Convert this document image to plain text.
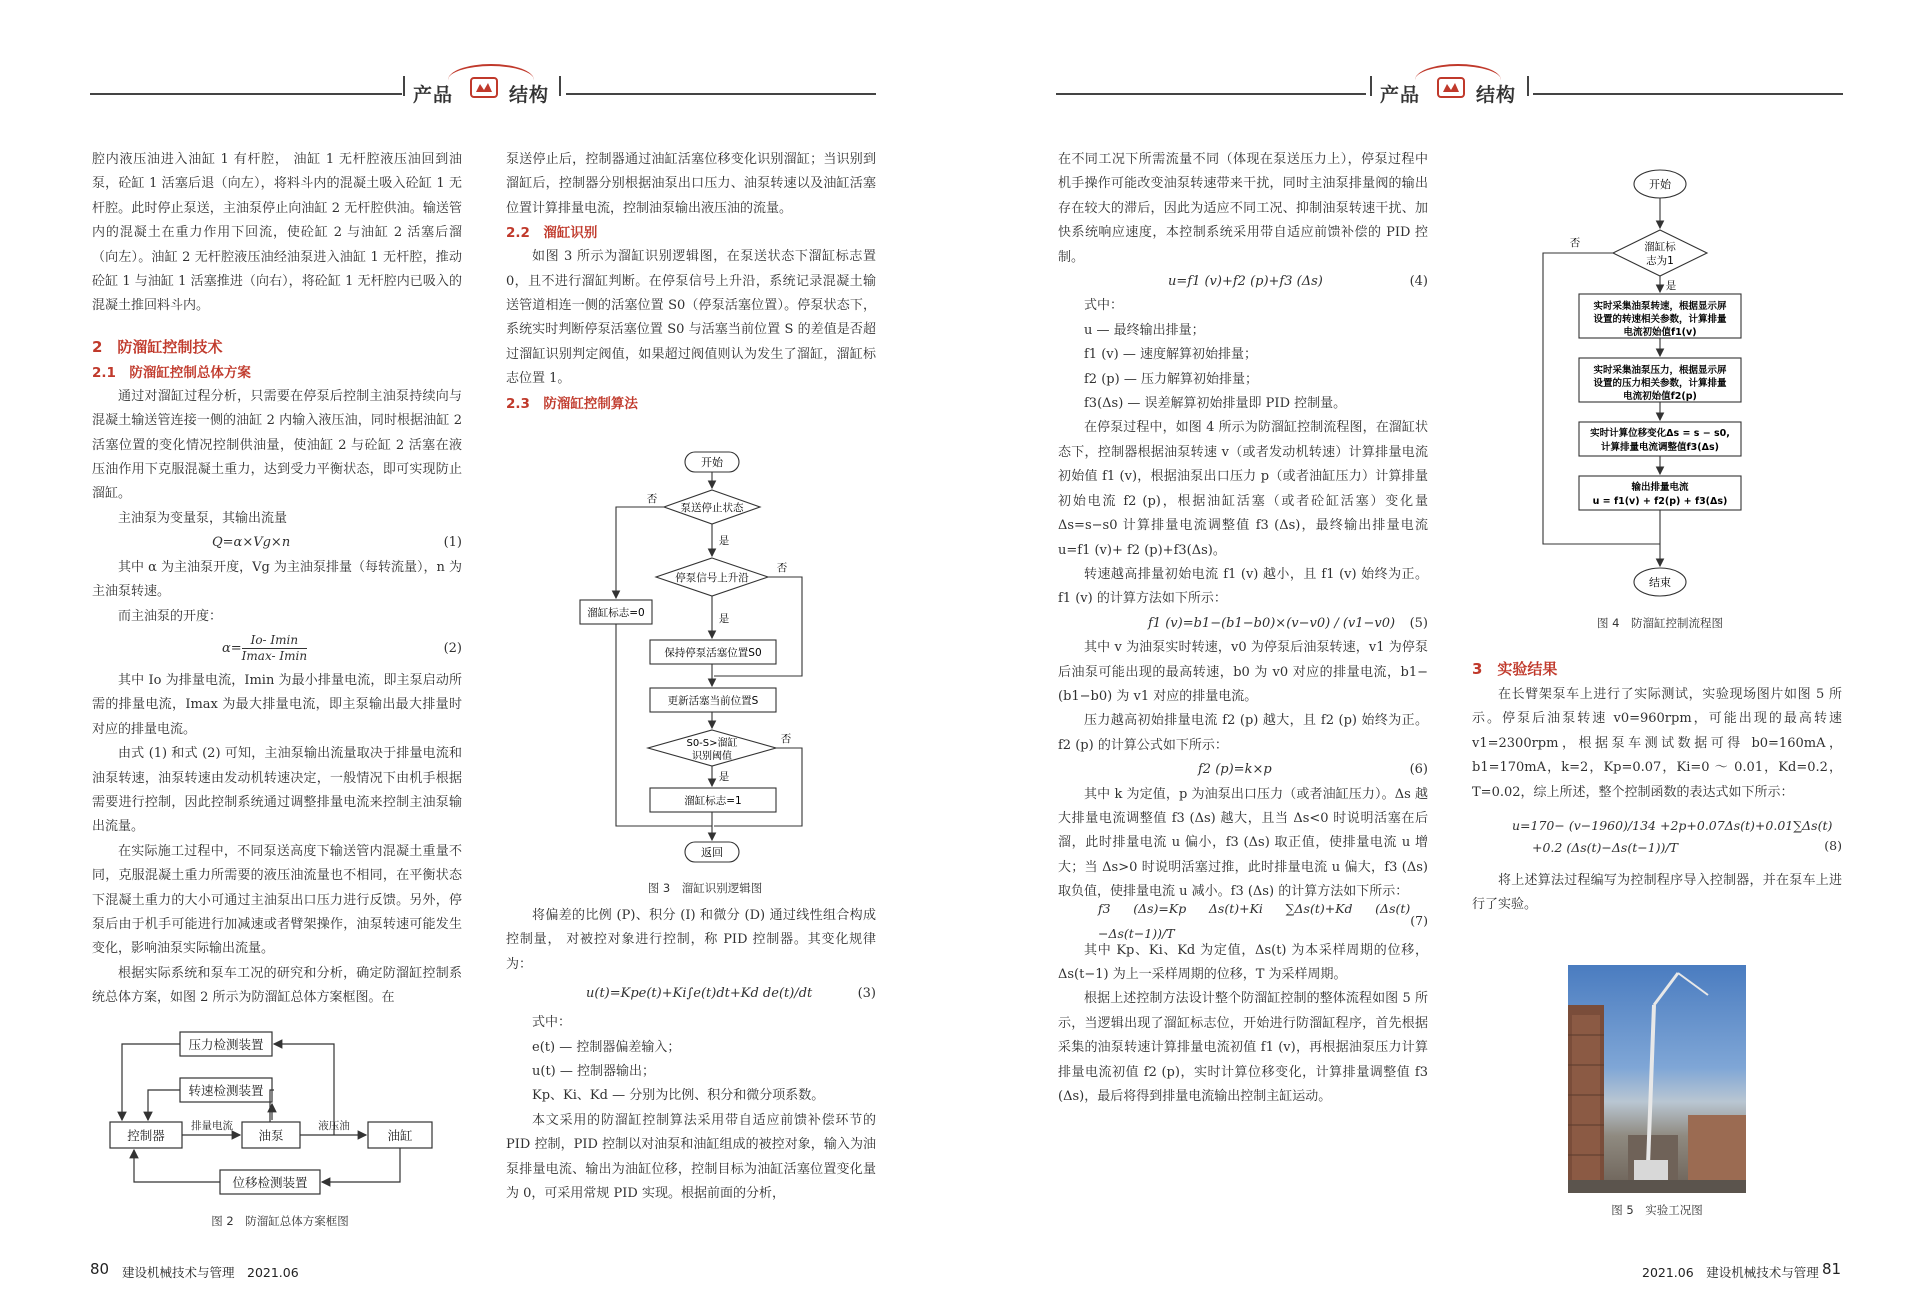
产品	结构	产品	结构

腔内液压油进入油缸 1 有杆腔， 油缸 1 无杆腔液压油回到油泵，砼缸 1 活塞后退（向左），将料斗内的混凝土吸入砼缸 1 无杆腔。此时停止泵送，主油泵停止向油缸 2 无杆腔供油。输送管内的混凝土在重力作用下回流，使砼缸 2 与油缸 2 活塞后溜（向左）。油缸 2 无杆腔液压油经油泵进入油缸 1 无杆腔，推动砼缸 1 与油缸 1 活塞推进（向右），将砼缸 1 无杆腔内已吸入的混凝土推回料斗内。

2　防溜缸控制技术
2.1　防溜缸控制总体方案

通过对溜缸过程分析，只需要在停泵后控制主油泵持续向与混凝土输送管连接一侧的油缸 2 内输入液压油，同时根据油缸 2 活塞位置的变化情况控制供油量，使油缸 2 与砼缸 2 活塞在液压油作用下克服混凝土重力，达到受力平衡状态，即可实现防止溜缸。

主油泵为变量泵，其输出流量

Q=α×Vg×n	(1)

其中 α 为主油泵开度，Vg 为主油泵排量（每转流量），n 为主油泵转速。

而主油泵的开度：

α=
Io- Imin
Imax- Imin
(2)

其中 Io 为排量电流，Imin 为最小排量电流，即主泵启动所需的排量电流，Imax 为最大排量电流，即主泵输出最大排量时对应的排量电流。

由式 (1) 和式 (2) 可知，主油泵输出流量取决于排量电流和油泵转速，油泵转速由发动机转速决定，一般情况下由机手根据需要进行控制，因此控制系统通过调整排量电流来控制主油泵输出流量。

在实际施工过程中，不同泵送高度下输送管内混凝土重量不同，克服混凝土重力所需要的液压油流量也不相同，在平衡状态下混凝土重力的大小可通过主油泵出口压力进行反馈。另外，停泵后由于机手可能进行加减速或者臂架操作，油泵转速可能发生变化，影响油泵实际输出流量。

根据实际系统和泵车工况的研究和分析，确定防溜缸控制系统总体方案，如图 2 所示为防溜缸总体方案框图。在

压力检测装置
转速检测装置
控制器	油泵	油缸
位移检测装置
排量电流	液压油
图 2　防溜缸总体方案框图

泵送停止后，控制器通过油缸活塞位移变化识别溜缸；当识别到溜缸后，控制器分别根据油泵出口压力、油泵转速以及油缸活塞位置计算排量电流，控制油泵输出液压油的流量。

2.2　溜缸识别

如图 3 所示为溜缸识别逻辑图，在泵送状态下溜缸标志置 0，且不进行溜缸判断。在停泵信号上升沿，系统记录混凝土输送管道相连一侧的活塞位置 S0（停泵活塞位置）。停泵状态下，系统实时判断停泵活塞位置 S0 与活塞当前位置 S 的差值是否超过溜缸识别判定阀值，如果超过阀值则认为发生了溜缸，溜缸标志位置 1。

2.3　防溜缸控制算法
开始
泵送停止状态
停泵信号上升沿
溜缸标志=0
保持停泵活塞位置S0
更新活塞当前位置S
S0-S>溜缸
识别阈值
溜缸标志=1
返回
否
是
否
是
否
是
图 3　溜缸识别逻辑图

将偏差的比例 (P)、积分 (I) 和微分 (D) 通过线性组合构成控制量， 对被控对象进行控制，称 PID 控制器。其变化规律为：

u(t)=Kpe(t)+Ki∫e(t)dt+Kd de(t)/dt	(3)

式中：

e(t) — 控制器偏差输入；

u(t) — 控制器输出；

Kp、Ki、Kd — 分别为比例、积分和微分项系数。

本文采用的防溜缸控制算法采用带自适应前馈补偿环节的 PID 控制，PID 控制以对油泵和油缸组成的被控对象，输入为油泵排量电流、输出为油缸位移，控制目标为油缸活塞位置变化量为 0，可采用常规 PID 实现。根据前面的分析，

在不同工况下所需流量不同（体现在泵送压力上），停泵过程中机手操作可能改变油泵转速带来干扰，同时主油泵排量阀的输出存在较大的滞后，因此为适应不同工况、抑制油泵转速干扰、加快系统响应速度，本控制系统采用带自适应前馈补偿的 PID 控制。

u=f1 (v)+f2 (p)+f3 (Δs)	(4)

式中：

u — 最终输出排量；

f1 (v) — 速度解算初始排量；

f2 (p) — 压力解算初始排量；

f3(Δs) — 误差解算初始排量即 PID 控制量。

在停泵过程中，如图 4 所示为防溜缸控制流程图，在溜缸状态下，控制器根据油泵转速 v（或者发动机转速）计算排量电流初始值 f1 (v)，根据油泵出口压力 p（或者油缸压力）计算排量初始电流 f2 (p)，根据油缸活塞（或者砼缸活塞）变化量 Δs=s−s0 计算排量电流调整值 f3 (Δs)，最终输出排量电流 u=f1 (v)+ f2 (p)+f3(Δs)。

转速越高排量初始电流 f1 (v) 越小，且 f1 (v) 始终为正。f1 (v) 的计算方法如下所示：

f1 (v)=b1−(b1−b0)×(v−v0) / (v1−v0) (5)

其中 v 为油泵实时转速，v0 为停泵后油泵转速，v1 为停泵后油泵可能出现的最高转速，b0 为 v0 对应的排量电流，b1−(b1−b0) 为 v1 对应的排量电流。

压力越高初始排量电流 f2 (p) 越大，且 f2 (p) 始终为正。f2 (p) 的计算公式如下所示：

f2 (p)=k×p	(6)

其中 k 为定值，p 为油泵出口压力（或者油缸压力）。Δs 越大排量电流调整值 f3 (Δs) 越大，且当 Δs<0 时说明活塞在后溜，此时排量电流 u 偏小，f3 (Δs) 取正值，使排量电流 u 增大；当 Δs>0 时说明活塞过推，此时排量电流 u 偏大，f3 (Δs) 取负值，使排量电流 u 减小。f3 (Δs) 的计算方法如下所示：

f3 (Δs)=Kp Δs(t)+Ki ∑Δs(t)+Kd (Δs(t)−Δs(t−1))/T
(7)

其中 Kp、Ki、Kd 为定值，Δs(t) 为本采样周期的位移，Δs(t−1) 为上一采样周期的位移，T 为采样周期。

根据上述控制方法设计整个防溜缸控制的整体流程如图 5 所示，当逻辑出现了溜缸标志位，开始进行防溜缸程序，首先根据采集的油泵转速计算排量电流初值 f1 (v)，再根据油泵压力计算排量电流初值 f2 (p)，实时计算位移变化，计算排量调整值 f3 (Δs)，最后将得到排量电流输出控制主缸运动。

开始
溜缸标
志为1
否
是
实时采集油泵转速，根据显示屏
设置的转速相关参数，计算排量
电流初始值f1(v)
实时采集油泵压力，根据显示屏
设置的压力相关参数，计算排量
电流初始值f2(p)
实时计算位移变化Δs = s − s0,
计算排量电流调整值f3(Δs)
输出排量电流
u = f1(v) + f2(p) + f3(Δs)
结束
图 4　防溜缸控制流程图
3　实验结果

在长臂架泵车上进行了实际测试，实验现场图片如图 5 所示。停泵后油泵转速 v0=960rpm，可能出现的最高转速 v1=2300rpm，根据泵车测试数据可得 b0=160mA，b1=170mA，k=2，Kp=0.07，Ki=0 ～ 0.01，Kd=0.2，T=0.02，综上所述，整个控制函数的表达式如下所示：

u=170− (v−1960)/134 +2p+0.07Δs(t)+0.01∑Δs(t)
+0.2 (Δs(t)−Δs(t−1))/T	(8)

将上述算法过程编写为控制程序导入控制器，并在泵车上进行了实验。

图 5　实验工况图
80 建设机械技术与管理　2021.06	2021.06　建设机械技术与管理 81
